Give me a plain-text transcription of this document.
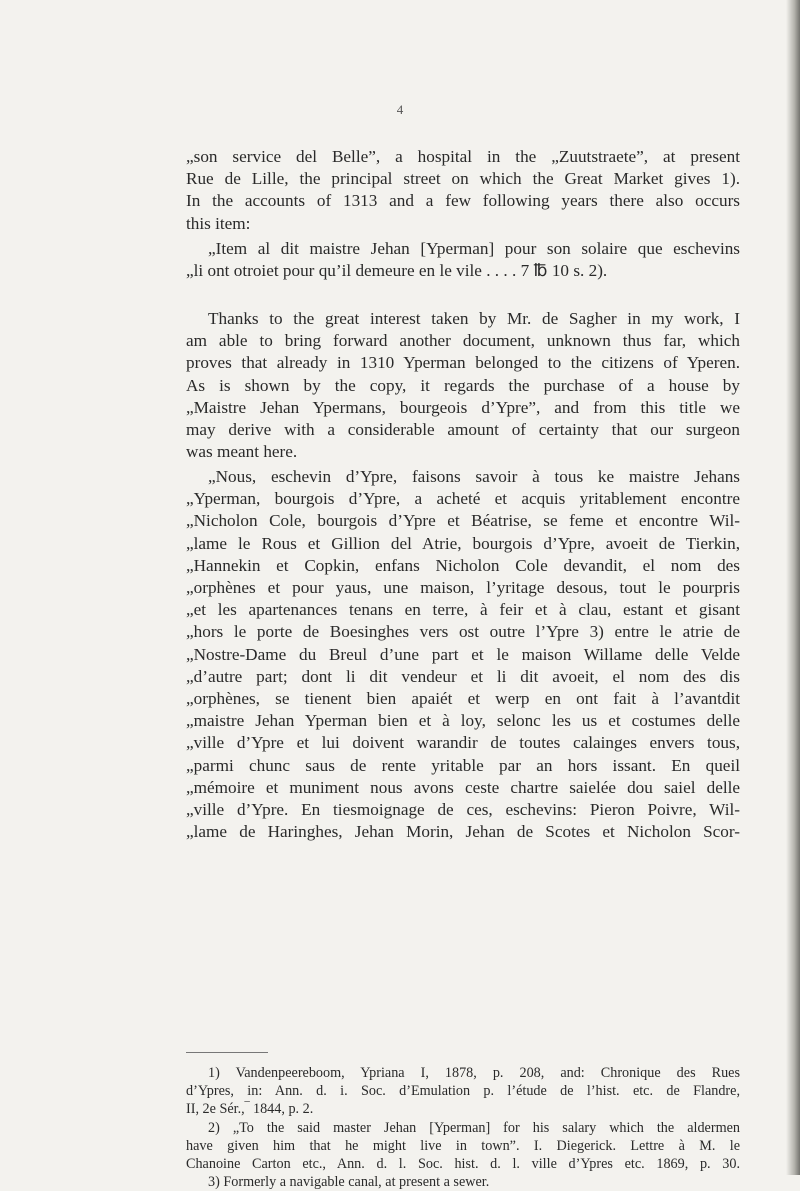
4
„son service del Belle”, a hospital in the „Zuutstraete”, at present
Rue de Lille, the principal street on which the Great Market gives 1).
In the accounts of 1313 and a few following years there also occurs
this item:
„Item al dit maistre Jehan [Yperman] pour son solaire que eschevins
„li ont otroiet pour qu’il demeure en le vile . . . . 7 ℔ 10 s. 2).
Thanks to the great interest taken by Mr. de Sagher in my work, I
am able to bring forward another document, unknown thus far, which
proves that already in 1310 Yperman belonged to the citizens of Yperen.
As is shown by the copy, it regards the purchase of a house by
„Maistre Jehan Ypermans, bourgeois d’Ypre”, and from this title we
may derive with a considerable amount of certainty that our surgeon
was meant here.
„Nous, eschevin d’Ypre, faisons savoir à tous ke maistre Jehans
„Yperman, bourgois d’Ypre, a acheté et acquis yritablement encontre
„Nicholon Cole, bourgois d’Ypre et Béatrise, se feme et encontre Wil-
„lame le Rous et Gillion del Atrie, bourgois d’Ypre, avoeit de Tierkin,
„Hannekin et Copkin, enfans Nicholon Cole devandit, el nom des
„orphènes et pour yaus, une maison, l’yritage desous, tout le pourpris
„et les apartenances tenans en terre, à feir et à clau, estant et gisant
„hors le porte de Boesinghes vers ost outre l’Ypre 3) entre le atrie de
„Nostre-Dame du Breul d’une part et le maison Willame delle Velde
„d’autre part; dont li dit vendeur et li dit avoeit, el nom des dis
„orphènes, se tienent bien apaiét et werp en ont fait à l’avantdit
„maistre Jehan Yperman bien et à loy, selonc les us et costumes delle
„ville d’Ypre et lui doivent warandir de toutes calainges envers tous,
„parmi chunc saus de rente yritable par an hors issant. En queil
„mémoire et muniment nous avons ceste chartre saielée dou saiel delle
„ville d’Ypre. En tiesmoignage de ces, eschevins: Pieron Poivre, Wil-
„lame de Haringhes, Jehan Morin, Jehan de Scotes et Nicholon Scor-
1) Vandenpeereboom, Ypriana I, 1878, p. 208, and: Chronique des Rues
d’Ypres, in: Ann. d. i. Soc. d’Emulation p. l’étude de l’hist. etc. de Flandre,
II, 2e Sér.,‾ 1844, p. 2.
2) „To the said master Jehan [Yperman] for his salary which the aldermen
have given him that he might live in town”. I. Diegerick. Lettre à M. le
Chanoine Carton etc., Ann. d. l. Soc. hist. d. l. ville d’Ypres etc. 1869, p. 30.
3) Formerly a navigable canal, at present a sewer.
